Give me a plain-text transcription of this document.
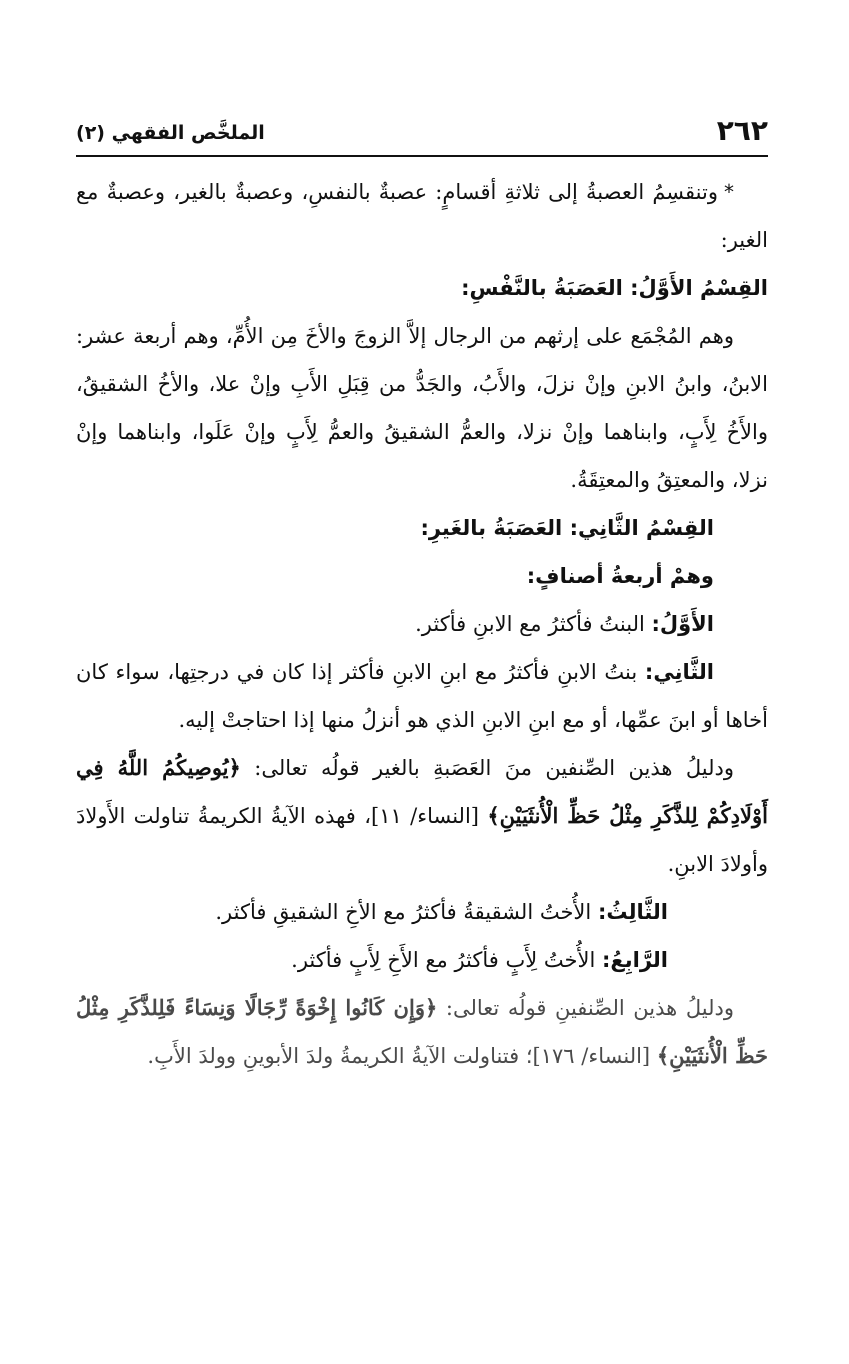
٢٦٢
الملخَّص الفقهي (٢)

*وتنقسِمُ العصبةُ إلى ثلاثةِ أقسامٍ: عصبةٌ بالنفسِ، وعصبةٌ بالغير، وعصبةٌ مع الغير:

القِسْمُ الأَوَّلُ: العَصَبَةُ بالنَّفْسِ:

وهم المُجْمَع على إرثهم من الرجال إلاَّ الزوجَ والأخَ مِن الأُمِّ، وهم أربعة عشر: الابنُ، وابنُ الابنِ وإنْ نزلَ، والأَبُ، والجَدُّ من قِبَلِ الأَبِ وإنْ علا، والأخُ الشقيقُ، والأَخُ لِأَبٍ، وابناهما وإنْ نزلا، والعمُّ الشقيقُ والعمُّ لِأَبٍ وإنْ عَلَوا، وابناهما وإنْ نزلا، والمعتِقُ والمعتِقَةُ.

القِسْمُ الثَّانِي: العَصَبَةُ بالغَيرِ:

وهمْ أربعةُ أصنافٍ:

الأَوَّلُ: البنتُ فأكثرُ مع الابنِ فأكثر.

الثَّانِي: بنتُ الابنِ فأكثرُ مع ابنِ الابنِ فأكثر إذا كان في درجتِها، سواء كان أخاها أو ابنَ عمِّها، أو مع ابنِ الابنِ الذي هو أنزلُ منها إذا احتاجتْ إليه.

ودليلُ هذين الصِّنفين منَ العَصَبةِ بالغير قولُه تعالى: ﴿يُوصِيكُمُ اللَّهُ فِي أَوْلَادِكُمْ لِلذَّكَرِ مِثْلُ حَظِّ الْأُنثَيَيْنِ﴾ [النساء/ ١١]، فهذه الآيةُ الكريمةُ تناولت الأَولادَ وأولادَ الابنِ.

الثَّالِثُ: الأُختُ الشقيقةُ فأكثرُ مع الأخِ الشقيقِ فأكثر.

الرَّابِعُ: الأُختُ لِأَبٍ فأكثرُ مع الأَخِ لِأَبٍ فأكثر.

ودليلُ هذين الصِّنفينِ قولُه تعالى: ﴿وَإِن كَانُوا إِخْوَةً رِّجَالًا وَنِسَاءً فَلِلذَّكَرِ مِثْلُ حَظِّ الْأُنثَيَيْنِ﴾ [النساء/ ١٧٦]؛ فتناولت الآيةُ الكريمةُ ولدَ الأبوينِ وولدَ الأَبِ.
